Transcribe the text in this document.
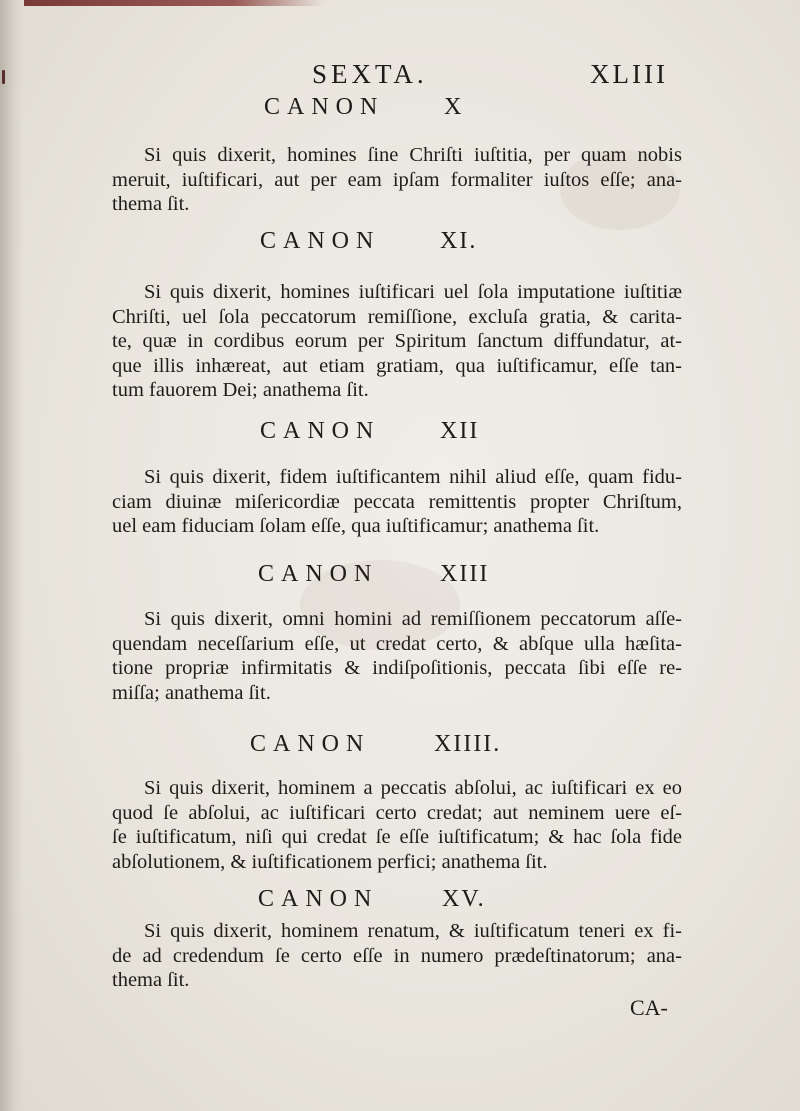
SEXTA.	XLIII
CANON X
Si quis dixerit, homines ſine Chriſti iuſtitia, per quam nobis
meruit, iuſtificari, aut per eam ipſam formaliter iuſtos eſſe; ana-
thema ſit.
CANON XI.
Si quis dixerit, homines iuſtificari uel ſola imputatione iuſtitiæ
Chriſti, uel ſola peccatorum remiſſione, excluſa gratia, & carita-
te, quæ in cordibus eorum per Spiritum ſanctum diffundatur, at-
que illis inhæreat, aut etiam gratiam, qua iuſtificamur, eſſe tan-
tum fauorem Dei; anathema ſit.
CANON XII
Si quis dixerit, fidem iuſtificantem nihil aliud eſſe, quam fidu-
ciam diuinæ miſericordiæ peccata remittentis propter Chriſtum,
uel eam fiduciam ſolam eſſe, qua iuſtificamur; anathema ſit.
CANON	XIII
Si quis dixerit, omni homini ad remiſſionem peccatorum aſſe-
quendam neceſſarium eſſe, ut credat certo, & abſque ulla hæſita-
tione propriæ infirmitatis & indiſpoſitionis, peccata ſibi eſſe re-
miſſa; anathema ſit.
CANON	XIIII.
Si quis dixerit, hominem a peccatis abſolui, ac iuſtificari ex eo
quod ſe abſolui, ac iuſtificari certo credat; aut neminem uere eſ-
ſe iuſtificatum, niſi qui credat ſe eſſe iuſtificatum; & hac ſola fide
abſolutionem, & iuſtificationem perfici; anathema ſit.
CANON	XV.
Si quis dixerit, hominem renatum, & iuſtificatum teneri ex fi-
de ad credendum ſe certo eſſe in numero prædeſtinatorum; ana-
thema ſit.
CA-
